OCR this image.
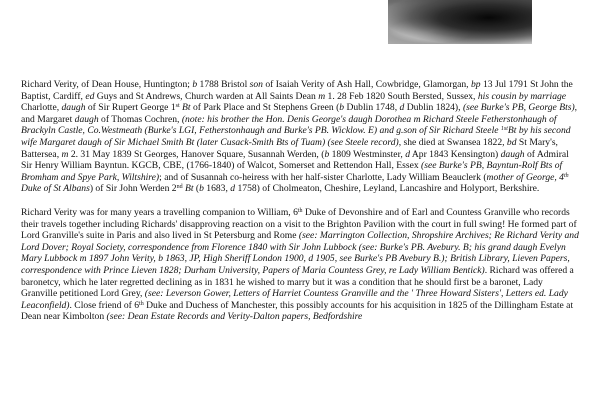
Richard Verity, of Dean House, Huntington; b 1788 Bristol son of Isaiah Verity of Ash Hall, Cowbridge, Glamorgan, bp 13 Jul 1791 St John the Baptist, Cardiff, ed Guys and St Andrews, Church warden at All Saints Dean m 1. 28 Feb 1820 South Bersted, Sussex, his cousin by marriage Charlotte, daugh of Sir Rupert George 1st Bt of Park Place and St Stephens Green (b Dublin 1748, d Dublin 1824), (see Burke's PB, George Bts), and Margaret daugh of Thomas Cochren, (note: his brother the Hon. Denis George's daugh Dorothea m Richard Steele Fetherstonhaugh of Brackyln Castle, Co.Westmeath (Burke's LGI, Fetherstonhaugh and Burke's PB. Wicklow. E) and g.son of Sir Richard Steele $^{1st}$Bt by his second wife Margaret daugh of Sir Michael Smith Bt (later Cusack-Smith Bts of Tuam) (see Steele record), she died at Swansea 1822, bd St Mary's, Battersea, m 2. 31 May 1839 St Georges, Hanover Square, Susannah Werden, (b 1809 Westminster, d Apr 1843 Kensington) daugh of Admiral Sir Henry William Bayntun. KGCB, CBE, (1766-1840) of Walcot, Somerset and Rettendon Hall, Essex (see Burke's PB, Bayntun-Rolf Bts of Bromham and Spye Park, Wiltshire); and of Susannah co-heiress with her half-sister Charlotte, Lady William Beauclerk (mother of George, 4th Duke of St Albans) of Sir John Werden 2nd Bt (b 1683, d 1758) of Cholmeaton, Cheshire, Leyland, Lancashire and Holyport, Berkshire.

Richard Verity was for many years a travelling companion to William, 6th Duke of Devonshire and of Earl and Countess Granville who records their travels together including Richards' disapproving reaction on a visit to the Brighton Pavilion with the court in full swing! He formed part of Lord Granville's suite in Paris and also lived in St Petersburg and Rome (see: Marrington Collection, Shropshire Archives; Re Richard Verity and Lord Dover; Royal Society, correspondence from Florence 1840 with Sir John Lubbock (see: Burke's PB. Avebury. B; his grand daugh Evelyn Mary Lubbock m 1897 John Verity, b 1863, JP, High Sheriff London 1900, d 1905, see Burke's PB Avebury B.); British Library, Lieven Papers, correspondence with Prince Lieven 1828; Durham University, Papers of Maria Countess Grey, re Lady William Bentick). Richard was offered a baronetcy, which he later regretted declining as in 1831 he wished to marry but it was a condition that he should first be a baronet, Lady Granville petitioned Lord Grey, (see: Leverson Gower, Letters of Harriet Countess Granville and the ' Three Howard Sisters', Letters ed. Lady Leaconfield). Close friend of 6th Duke and Duchess of Manchester, this possibly accounts for his acquisition in 1825 of the Dillingham Estate at Dean near Kimbolton (see: Dean Estate Records and Verity-Dalton papers, Bedfordshire
